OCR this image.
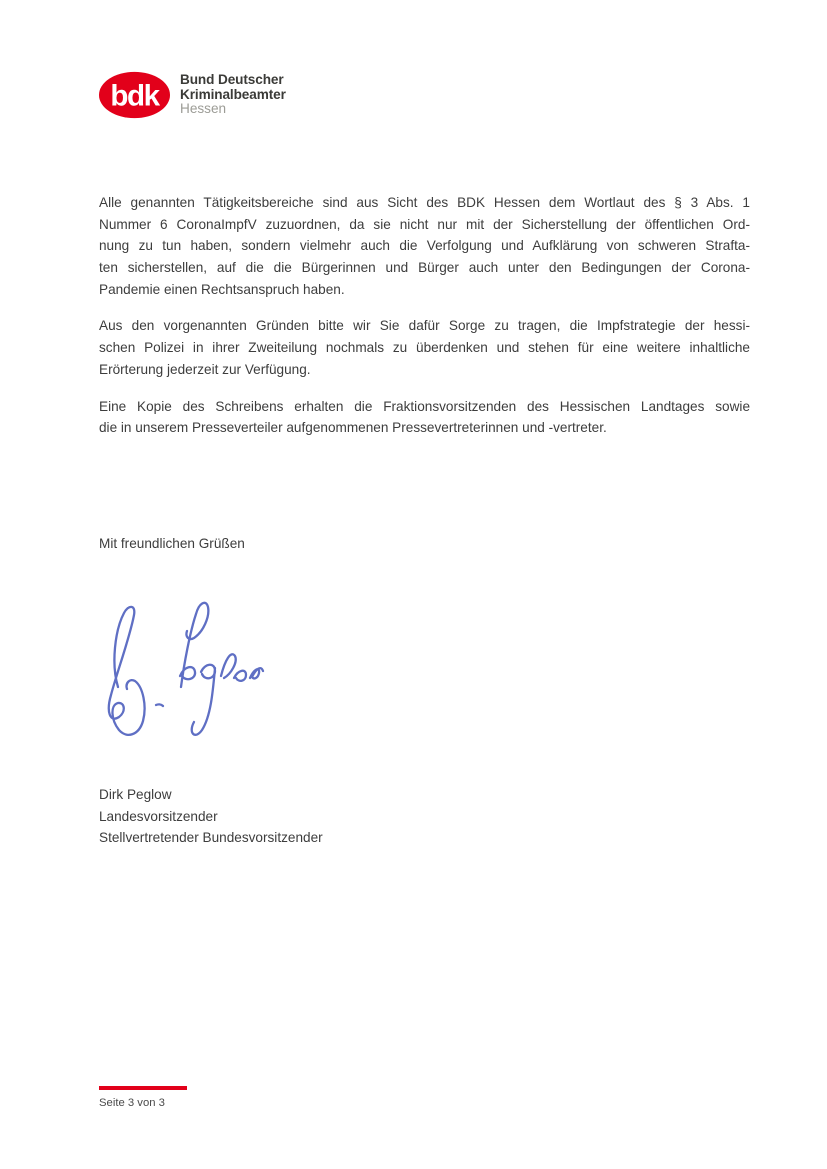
bdk Bund Deutscher
Kriminalbeamter
Hessen
Alle genannten Tätigkeitsbereiche sind aus Sicht des BDK Hessen dem Wortlaut des § 3 Abs. 1
Nummer 6 CoronaImpfV zuzuordnen, da sie nicht nur mit der Sicherstellung der öffentlichen Ord-
nung zu tun haben, sondern vielmehr auch die Verfolgung und Aufklärung von schweren Strafta-
ten sicherstellen, auf die die Bürgerinnen und Bürger auch unter den Bedingungen der Corona-
Pandemie einen Rechtsanspruch haben.
Aus den vorgenannten Gründen bitte wir Sie dafür Sorge zu tragen, die Impfstrategie der hessi-
schen Polizei in ihrer Zweiteilung nochmals zu überdenken und stehen für eine weitere inhaltliche
Erörterung jederzeit zur Verfügung.
Eine Kopie des Schreibens erhalten die Fraktionsvorsitzenden des Hessischen Landtages sowie
die in unserem Presseverteiler aufgenommenen Pressevertreterinnen und -vertreter.
Mit freundlichen Grüßen
Dirk Peglow
Landesvorsitzender
Stellvertretender Bundesvorsitzender
Seite 3 von 3
